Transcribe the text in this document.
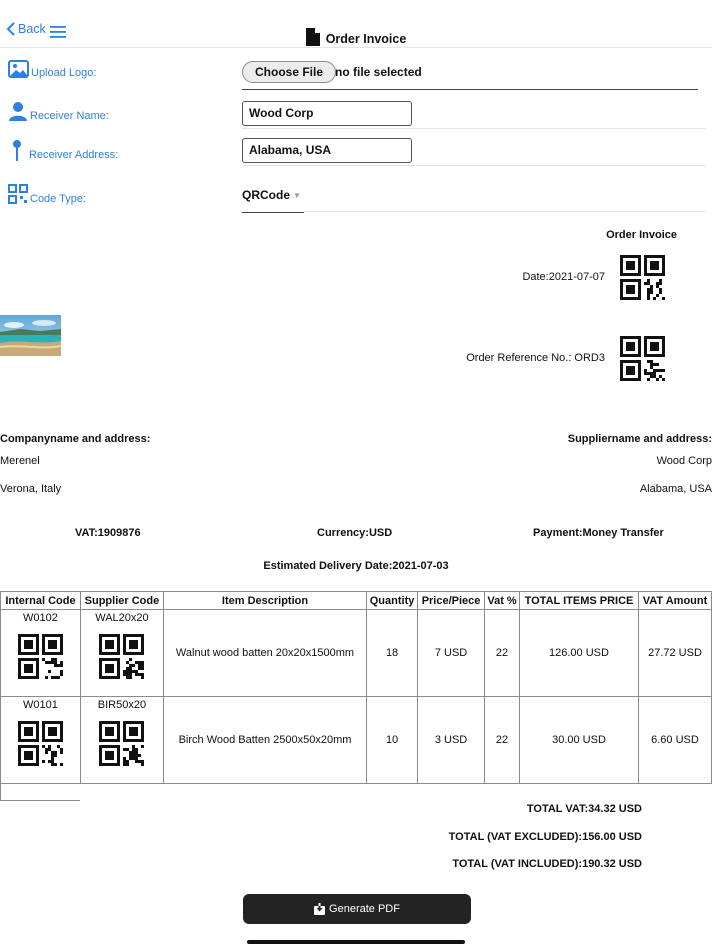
Back
Order Invoice
Upload Logo:	Choose File no file selected
Receiver Name:	Wood Corp
Receiver Address:	Alabama, USA
Code Type:	QRCode ▼
Order Invoice
Date:2021-07-07
Order Reference No.: ORD3
Companyname and address:
Merenel
Verona, Italy
Suppliername and address:
Wood Corp
Alabama, USA
VAT:1909876	Currency:USD	Payment:Money Transfer
Estimated Delivery Date:2021-07-03
Internal Code	Supplier Code	Item Description	Quantity	Price/Piece	Vat %	TOTAL ITEMS PRICE	VAT Amount

W0102	WAL20x20	Walnut wood batten 20x20x1500mm	18	7 USD	22	126.00 USD	27.72 USD

W0101	BIR50x20	Birch Wood Batten 2500x50x20mm	10	3 USD	22	30.00 USD	6.60 USD

TOTAL VAT:34.32 USD
TOTAL (VAT EXCLUDED):156.00 USD
TOTAL (VAT INCLUDED):190.32 USD
Generate PDF
